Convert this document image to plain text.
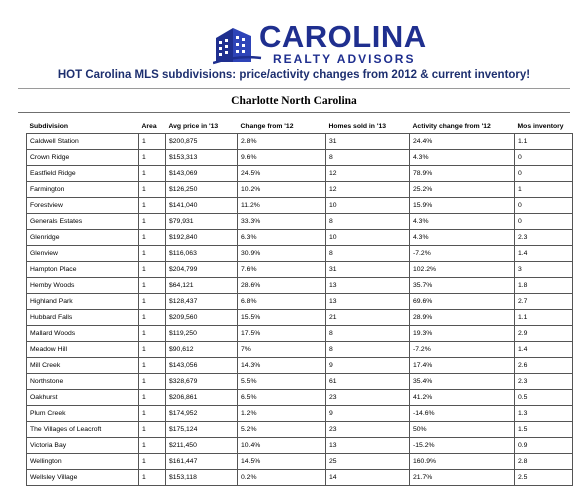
CAROLINA
REALTY ADVISORS
HOT Carolina MLS subdivisions: price/activity changes from 2012 & current inventory!
Charlotte North Carolina
Subdivision	Area	Avg price in '13	Change from '12	Homes sold in '13	Activity change from '12	Mos inventory
Caldwell Station	1	$200,875	2.8%	31	24.4%	1.1
Crown Ridge	1	$153,313	9.6%	8	4.3%	0
Eastfield Ridge	1	$143,069	24.5%	12	78.9%	0
Farmington	1	$126,250	10.2%	12	25.2%	1
Forestview	1	$141,040	11.2%	10	15.9%	0
Generals Estates	1	$79,931	33.3%	8	4.3%	0
Glenridge	1	$192,840	6.3%	10	4.3%	2.3
Glenview	1	$116,063	30.9%	8	-7.2%	1.4
Hampton Place	1	$204,799	7.6%	31	102.2%	3
Hemby Woods	1	$64,121	28.6%	13	35.7%	1.8
Highland Park	1	$128,437	6.8%	13	69.6%	2.7
Hubbard Falls	1	$209,560	15.5%	21	28.9%	1.1
Mallard Woods	1	$119,250	17.5%	8	19.3%	2.9
Meadow Hill	1	$90,612	7%	8	-7.2%	1.4
Mill Creek	1	$143,056	14.3%	9	17.4%	2.6
Northstone	1	$328,679	5.5%	61	35.4%	2.3
Oakhurst	1	$206,861	6.5%	23	41.2%	0.5
Plum Creek	1	$174,952	1.2%	9	-14.6%	1.3
The Villages of Leacroft	1	$175,124	5.2%	23	50%	1.5
Victoria Bay	1	$211,450	10.4%	13	-15.2%	0.9
Wellington	1	$161,447	14.5%	25	160.9%	2.8
Wellsley Village	1	$153,118	0.2%	14	21.7%	2.5
